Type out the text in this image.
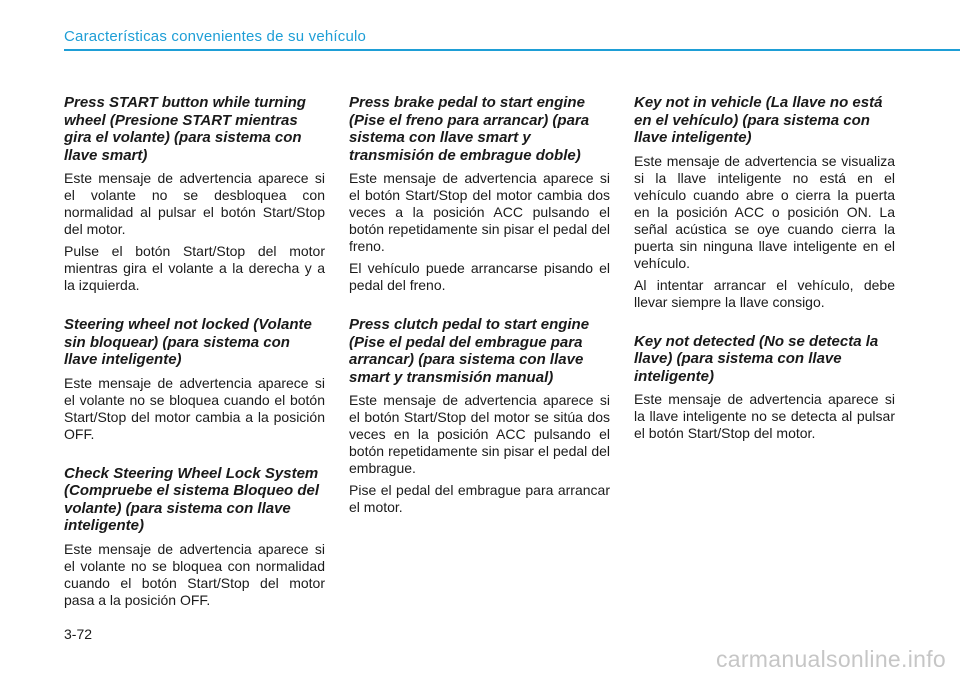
Características convenientes de su vehículo
Press START button while turning wheel (Presione START mientras gira el volante) (para sistema con llave smart)

Este mensaje de advertencia aparece si el volante no se desbloquea con normalidad al pulsar el botón Start/Stop del motor.

Pulse el botón Start/Stop del motor mientras gira el volante a la derecha y a la izquierda.

Steering wheel not locked (Volante sin bloquear) (para sistema con llave inteligente)

Este mensaje de advertencia aparece si el volante no se bloquea cuando el botón Start/Stop del motor cambia a la posición OFF.

Check Steering Wheel Lock System (Compruebe el sistema Bloqueo del volante) (para sistema con llave inteligente)

Este mensaje de advertencia aparece si el volante no se bloquea con normalidad cuando el botón Start/Stop del motor pasa a la posición OFF.

Press brake pedal to start engine (Pise el freno para arrancar) (para sistema con llave smart y transmisión de embrague doble)

Este mensaje de advertencia aparece si el botón Start/Stop del motor cambia dos veces a la posición ACC pulsando el botón repetidamente sin pisar el pedal del freno.

El vehículo puede arrancarse pisando el pedal del freno.

Press clutch pedal to start engine (Pise el pedal del embrague para arrancar) (para sistema con llave smart y transmisión manual)

Este mensaje de advertencia aparece si el botón Start/Stop del motor se sitúa dos veces en la posición ACC pulsando el botón repetidamente sin pisar el pedal del embrague.

Pise el pedal del embrague para arrancar el motor.

Key not in vehicle (La llave no está en el vehículo) (para sistema con llave inteligente)

Este mensaje de advertencia se visualiza si la llave inteligente no está en el vehículo cuando abre o cierra la puerta en la posición ACC o posición ON. La señal acústica se oye cuando cierra la puerta sin ninguna llave inteligente en el vehículo.

Al intentar arrancar el vehículo, debe llevar siempre la llave consigo.

Key not detected (No se detecta la llave) (para sistema con llave inteligente)

Este mensaje de advertencia aparece si la llave inteligente no se detecta al pulsar el botón Start/Stop del motor.

3-72
carmanualsonline.info
